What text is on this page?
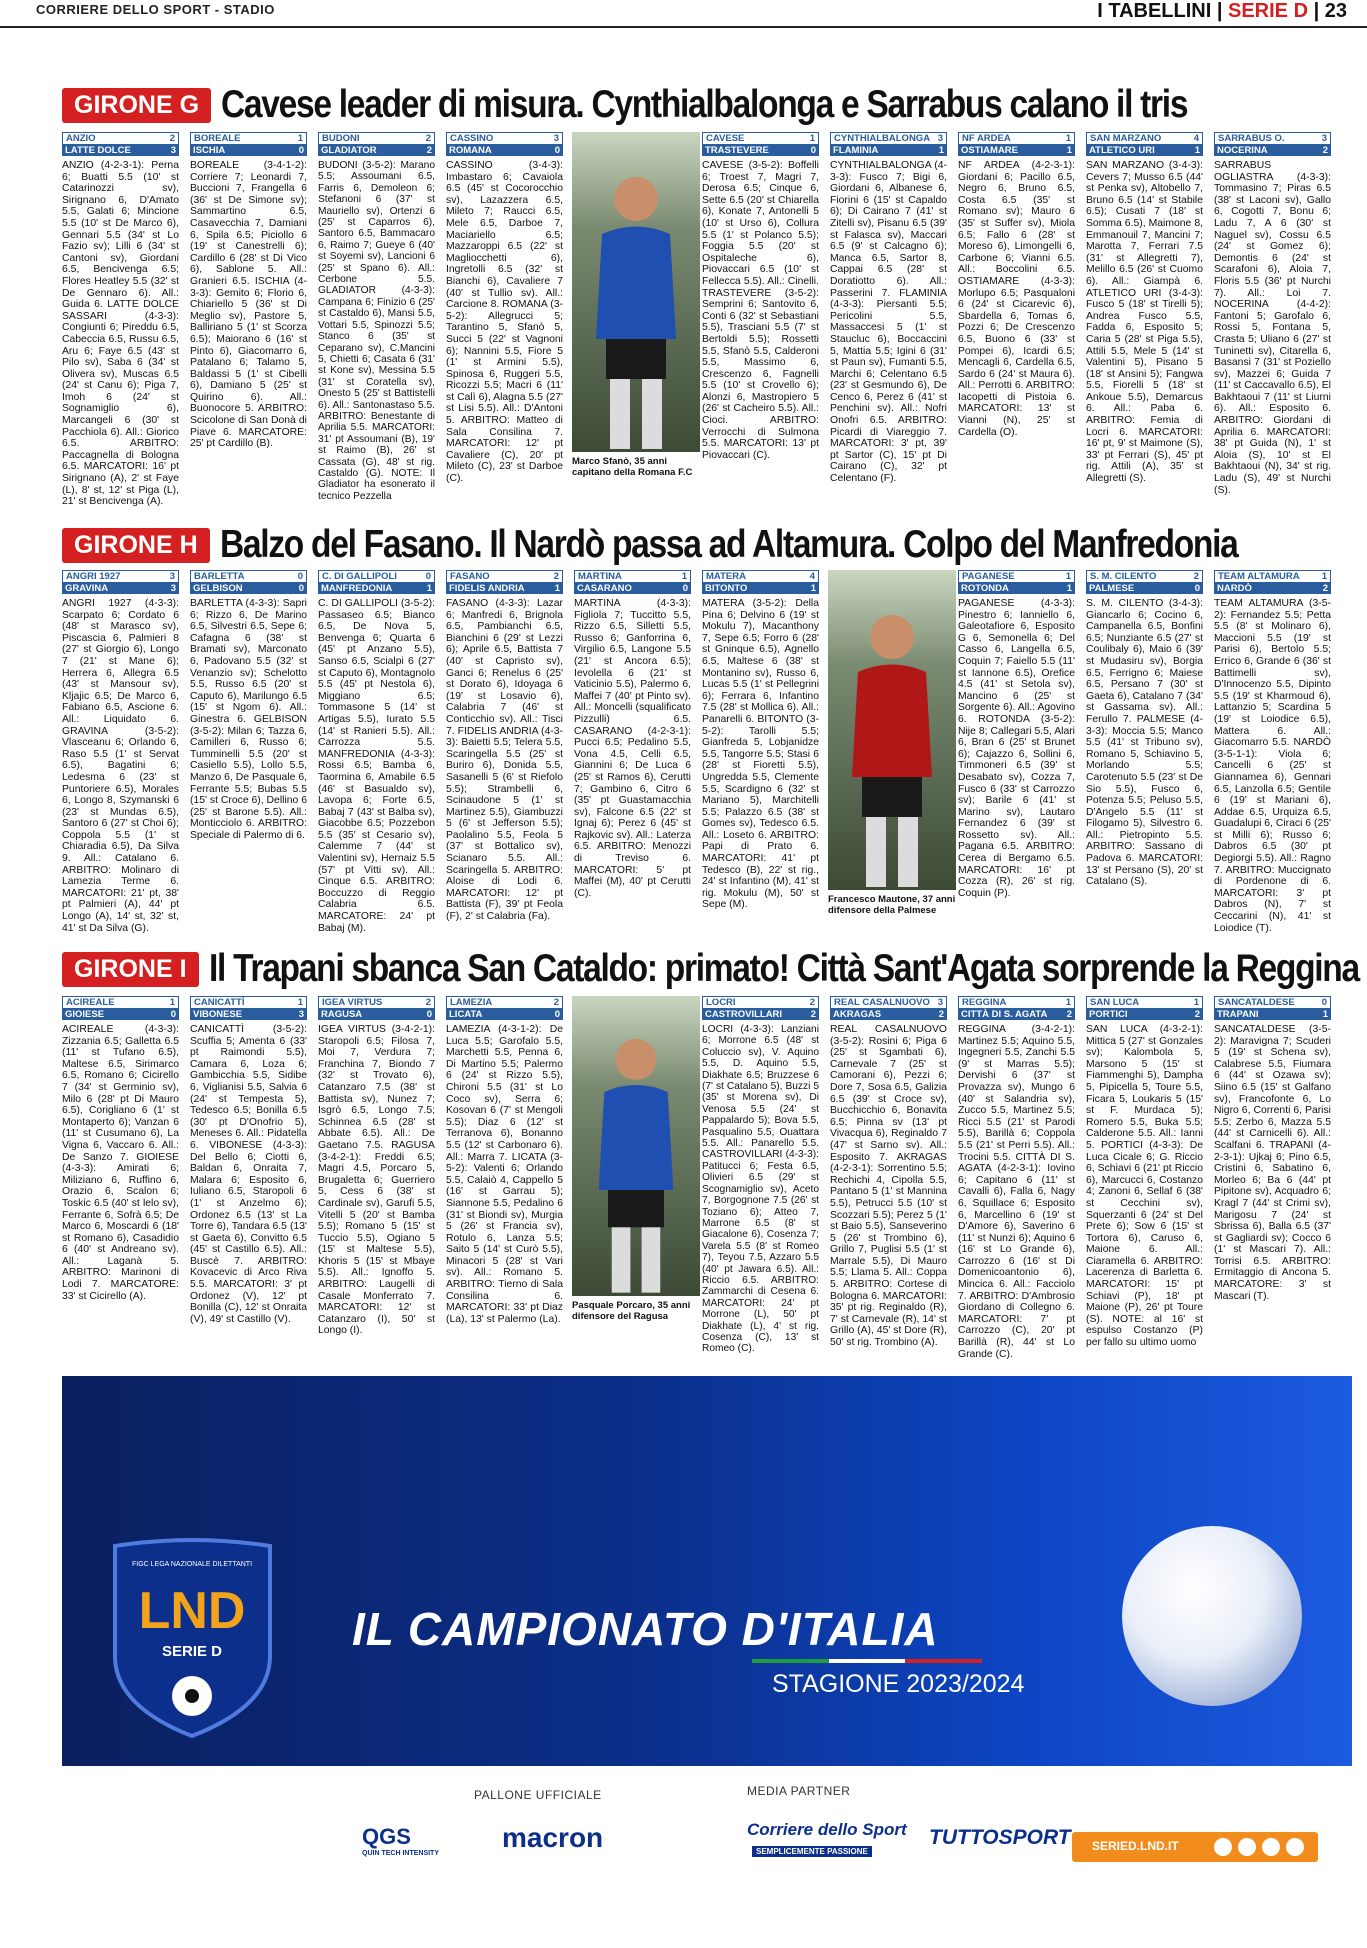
CORRIERE DELLO SPORT - STADIO	I TABELLINI | SERIE D | 23
GIRONE G Cavese leader di misura. Cynthialbalonga e Sarrabus calano il tris
ANZIO	2
LATTE DOLCE	3
ANZIO (4-2-3-1): Perna 6; Buatti 5.5 (10' st Catarinozzi sv), Sirignano 6, D'Amato 5.5, Galati 6; Mincione 5.5 (10' st De Marco 6), Gennari 5.5 (34' st Lo Fazio sv); Lilli 6 (34' st Cantoni sv), Giordani 6.5, Bencivenga 6.5; Flores Heatley 5.5 (32' st De Gennaro 6). All.: Guida 6. LATTE DOLCE SASSARI (4-3-3): Congiunti 6; Pireddu 6.5, Cabeccia 6.5, Russu 6.5, Aru 6; Faye 6.5 (43' st Pilo sv), Saba 6 (34' st Olivera sv), Muscas 6.5 (24' st Canu 6); Piga 7, Imoh 6 (24' st Sognamiglio 6), Marcangeli 6 (30' st Pacchiola 6). All.: Giorico 6.5. ARBITRO: Paccagnella di Bologna 6.5. MARCATORI: 16' pt Sirignano (A), 2' st Faye (L), 8' st, 12' st Piga (L), 21' st Bencivenga (A).
BOREALE	1
ISCHIA	0
BOREALE (3-4-1-2): Corriere 7; Leonardi 7, Buccioni 7, Frangella 6 (36' st De Simone sv); Sammartino 6.5, Casavecchia 7, Damiani 6, Spila 6.5; Piciollo 6 (19' st Canestrelli 6); Cardillo 6 (28' st Di Vico 6), Sablone 5. All.: Granieri 6.5. ISCHIA (4-3-3): Gemito 6; Florio 6, Chiariello 5 (36' st Di Meglio sv), Pastore 5, Balliriano 5 (1' st Scorza 6.5); Maiorano 6 (16' st Pinto 6), Giacomarro 6, Patalano 6; Talamo 5, Baldassi 5 (1' st Cibelli 6), Damiano 5 (25' st Quirino 6). All.: Buonocore 5. ARBITRO: Scicolone di San Donà di Piave 6. MARCATORE: 25' pt Cardillo (B).
BUDONI	2
GLADIATOR	2
BUDONI (3-5-2): Marano 5.5; Assoumani 6.5, Farris 6, Demoleon 6; Stefanoni 6 (37' st Mauriello sv), Ortenzi 6 (25' st Caparros 6), Santoro 6.5, Bammacaro 6, Raimo 7; Gueye 6 (40' st Soyemi sv), Lancioni 6 (25' st Spano 6). All.: Cerbone 5.5. GLADIATOR (4-3-3): Campana 6; Finizio 6 (25' st Castaldo 6), Mansi 5.5, Vottari 5.5, Spinozzi 5.5; Stanco 6 (35' st Ceparano sv), C.Mancini 5, Chietti 6; Casata 6 (31' st Kone sv), Messina 5.5 (31' st Coratella sv), Onesto 5 (25' st Battistelli 6). All.: Santonastaso 5.5. ARBITRO: Benestante di Aprilia 5.5. MARCATORI: 31' pt Assoumani (B), 19' st Raimo (B), 26' st Cassata (G), 48' st rig. Castaldo (G). NOTE: Il Gladiator ha esonerato il tecnico Pezzella
CASSINO	3
ROMANA	0
CASSINO (3-4-3): Imbastaro 6; Cavaiola 6.5 (45' st Cocorocchio sv), Lazazzera 6.5, Mileto 7; Raucci 6.5, Mele 6.5, Darboe 7, Maciariello 6.5; Mazzaroppi 6.5 (22' st Magliocchetti 6), Ingretolli 6.5 (32' st Bianchi 6), Cavaliere 7 (40' st Tullio sv). All.: Carcione 8. ROMANA (3-5-2): Allegrucci 5; Tarantino 5, Sfanò 5, Succi 5 (22' st Vagnoni 6); Nannini 5.5, Fiore 5 (1' st Armini 5.5), Spinosa 6, Ruggeri 5.5, Ricozzi 5.5; Macri 6 (11' st Calì 6), Alagna 5.5 (27' st Lisi 5.5). All.: D'Antoni 5. ARBITRO: Matteo di Sala Consilina 7. MARCATORI: 12' pt Cavaliere (C), 20' pt Mileto (C), 23' st Darboe (C).
Marco Sfanò, 35 anni capitano della Romana F.C
CAVESE	1
TRASTEVERE	0
CAVESE (3-5-2): Boffelli 6; Troest 7, Magri 7, Derosa 6.5; Cinque 6, Sette 6.5 (20' st Chiarella 6), Konate 7, Antonelli 5 (10' st Urso 6), Collura 5.5 (1' st Polanco 5.5); Foggia 5.5 (20' st Ospitaleche 6), Piovaccari 6.5 (10' st Fellecca 5.5). All.: Cinelli. TRASTEVERE (3-5-2): Semprini 6; Santovito 6, Conti 6 (32' st Sebastiani 5.5), Trasciani 5.5 (7' st Bertoldi 5.5); Rossetti 5.5, Sfanò 5.5, Calderoni 5.5, Massimo 6, Crescenzo 6, Fagnelli 5.5 (10' st Crovello 6); Alonzi 6, Mastropiero 5 (26' st Cacheiro 5.5). All.: Cioci. ARBITRO: Verrocchi di Sulmona 5.5. MARCATORI: 13' pt Piovaccari (C).
CYNTHIALBALONGA 3
FLAMINIA	1
CYNTHIALBALONGA (4-3-3): Fusco 7; Bigi 6, Giordani 6, Albanese 6, Fiorini 6 (15' st Capaldo 6); Di Cairano 7 (41' st Zitelli sv), Pisanu 6.5 (39' st Falasca sv), Maccari 6.5 (9' st Calcagno 6); Manca 6.5, Sartor 8, Cappai 6.5 (28' st Doratiotto 6). All.: Passerini 7. FLAMINIA (4-3-3): Piersanti 5.5; Pericolini 5.5, Massaccesi 5 (1' st Staucluc 6), Boccaccini 5, Mattia 5.5; Igini 6 (31' st Paun sv), Fumanti 5.5, Marchi 6; Celentano 6.5 (23' st Gesmundo 6), De Cenco 6, Perez 6 (41' st Penchini sv). All.: Nofri Onofri 6.5. ARBITRO: Picardi di Viareggio 7. MARCATORI: 3' pt, 39' pt Sartor (C), 15' pt Di Cairano (C), 32' pt Celentano (F).
NF ARDEA	1
OSTIAMARE	1
NF ARDEA (4-2-3-1): Giordani 6; Pacillo 6.5, Negro 6, Bruno 6.5, Costa 6.5 (35' st Romano sv); Mauro 6 (35' st Suffer sv), Miola 6.5; Fallo 6 (28' st Moreso 6), Limongelli 6, Carbone 6; Vianni 6.5. All.: Boccolini 6.5. OSTIAMARE (4-3-3): Morlupo 6.5; Pasqualoni 6 (24' st Cicarevic 6), Sbardella 6, Tomas 6, Pozzi 6; De Crescenzo 6.5, Buono 6 (33' st Pompei 6), Icardi 6.5; Mencagli 6, Cardella 6.5, Sardo 6 (24' st Maura 6). All.: Perrotti 6. ARBITRO: Iacopetti di Pistoia 6. MARCATORI: 13' st Vianni (N), 25' st Cardella (O).
SAN MARZANO	4
ATLETICO URI	1
SAN MARZANO (3-4-3): Cevers 7; Musso 6.5 (44' st Penka sv), Altobello 7, Bruno 6.5 (14' st Stabile 6.5); Cusati 7 (18' st Somma 6.5), Maimone 8, Emmanouil 7, Mancini 7; Marotta 7, Ferrari 7.5 (31' st Allegretti 7), Melillo 6.5 (26' st Cuomo 6). All.: Giampà 6. ATLETICO URI (3-4-3): Fusco 5 (18' st Tirelli 5); Andrea Fusco 5.5, Fadda 6, Esposito 5; Caria 5 (28' st Piga 5.5), Attili 5.5, Mele 5 (14' st Valentini 5), Pisano 5 (18' st Ansini 5); Fangwa 5.5, Fiorelli 5 (18' st Ankoue 5.5), Demarcus 6. All.: Paba 6. ARBITRO: Femia di Locri 6. MARCATORI: 16' pt, 9' st Maimone (S), 33' pt Ferrari (S), 45' pt rig. Attili (A), 35' st Allegretti (S).
SARRABUS O.	3
NOCERINA	2
SARRABUS OGLIASTRA (4-3-3): Tommasino 7; Piras 6.5 (38' st Laconi sv), Gallo 6, Cogotti 7, Bonu 6; Ladu 7, A 6 (30' st Naguel sv), Cossu 6.5 (24' st Gomez 6); Demontis 6 (24' st Scarafoni 6), Aloia 7, Floris 5.5 (36' pt Nurchi 7). All.: Loi 7. NOCERINA (4-4-2): Fantoni 5; Garofalo 6, Rossi 5, Fontana 5, Crasta 5; Uliano 6 (27' st Tuninetti sv), Citarella 6, Basansi 7 (31' st Poziello sv), Mazzei 6; Guida 7 (11' st Caccavallo 6.5), El Bakhtaoui 7 (11' st Liurni 6). All.: Esposito 6. ARBITRO: Giordani di Aprilia 6. MARCATORI: 38' pt Guida (N), 1' st Aloia (S), 10' st El Bakhtaoui (N), 34' st rig. Ladu (S), 49' st Nurchi (S).
GIRONE H Balzo del Fasano. Il Nardò passa ad Altamura. Colpo del Manfredonia
ANGRI 1927	3
GRAVINA	3
ANGRI 1927 (4-3-3): Scarpato 6; Cordato 6 (48' st Marasco sv), Piscascia 6, Palmieri 8 (27' st Giorgio 6), Longo 7 (21' st Mane 6); Herrera 6, Allegra 6.5 (43' st Mansour sv), Kljajic 6.5; De Marco 6, Fabiano 6.5, Ascione 6. All.: Liquidato 6. GRAVINA (3-5-2): Vlasceanu 6; Orlando 6, Raso 5.5 (1' st Servat 6.5), Bagatini 6; Ledesma 6 (23' st Puntoriere 6.5), Morales 6, Longo 8, Szymanski 6 (23' st Mundas 6.5), Santoro 6 (27' st Choi 6); Coppola 5.5 (1' st Chiaradia 6.5), Da Silva 9. All.: Catalano 6. ARBITRO: Molinaro di Lamezia Terme 6. MARCATORI: 21' pt, 38' pt Palmieri (A), 44' pt Longo (A), 14' st, 32' st, 41' st Da Silva (G).
BARLETTA	0
GELBISON	0
BARLETTA (4-3-3): Sapri 6; Rizzo 6, De Marino 6.5, Silvestri 6.5, Sepe 6; Cafagna 6 (38' st Bramati sv), Marconato 6, Padovano 5.5 (32' st Venanzio sv); Schelotto 5.5, Russo 6.5 (20' st Caputo 6), Marilungo 6.5 (15' st Ngom 6). All.: Ginestra 6. GELBISON (3-5-2): Milan 6; Tazza 6, Camilleri 6, Russo 6; Tumminelli 5.5 (20' st Casiello 5.5), Lollo 5.5, Manzo 6, De Pasquale 6, Ferrante 5.5; Bubas 5.5 (15' st Croce 6), Dellino 6 (25' st Barone 5.5). All.: Monticciolo 6. ARBITRO: Speciale di Palermo di 6.
C. DI GALLIPOLI	0
MANFREDONIA	1
C. DI GALLIPOLI (3-5-2): Passaseo 6.5; Bianco 6.5, De Nova 5, Benvenga 6; Quarta 6 (45' pt Anzano 5.5), Sanso 6.5, Scialpi 6 (27' st Caputo 6), Montagnolo 5.5 (45' pt Nestola 6), Miggiano 6.5; Tommasone 5 (14' st Artigas 5.5), Iurato 5.5 (14' st Ranieri 5.5). All.: Carrozza 5.5. MANFREDONIA (4-3-3): Rossi 6.5; Bamba 6, Taormina 6, Amabile 6.5 (46' st Basualdo sv), Lavopa 6; Forte 6.5, Babaj 7 (43' st Balba sv), Giacobbe 6.5; Pozzebon 5.5 (35' st Cesario sv), Calemme 7 (44' st Valentini sv), Hernaiz 5.5 (57' pt Vitti sv). All.: Cinque 6.5. ARBITRO: Boccuzzo di Reggio Calabria 6.5. MARCATORE: 24' pt Babaj (M).
FASANO	2
FIDELIS ANDRIA	1
FASANO (4-3-3): Lazar 6; Manfredi 6, Brignola 6.5, Pambianchi 6.5, Bianchini 6 (29' st Lezzi 6); Aprile 6.5, Battista 7 (40' st Capristo sv), Ganci 6; Renelus 6 (25' st Dorato 6), Idoyaga 6 (19' st Losavio 6), Calabria 7 (46' st Conticchio sv). All.: Tisci 7. FIDELIS ANDRIA (4-3-3): Baietti 5.5; Telera 5.5, Scaringella 5.5 (25' st Buriro 6), Donida 5.5, Sasanelli 5 (6' st Riefolo 5.5); Strambelli 6, Scinaudone 5 (1' st Martinez 5.5), Giambuzzi 5 (6' st Jefferson 5.5); Paolalino 5.5, Feola 5 (37' st Bottalico sv), Scianaro 5.5. All.: Scaringella 5. ARBITRO: Aloise di Lodi 6. MARCATORI: 12' pt Battista (F), 39' pt Feola (F), 2' st Calabria (Fa).
MARTINA	1
CASARANO	0
MARTINA (4-3-3): Figliola 7; Tuccitto 5.5, Rizzo 6.5, Silletti 5.5, Russo 6; Ganforrina 6, Virgilio 6.5, Langone 5.5 (21' st Ancora 6.5); Ievolella 6 (21' st Vaticinio 5.5), Palermo 6, Maffei 7 (40' pt Pinto sv). All.: Moncelli (squalificato Pizzulli) 6.5. CASARANO (4-2-3-1): Pucci 6.5; Pedalino 5.5, Vona 4.5, Celli 6.5, Giannini 6; De Luca 6 (25' st Ramos 6), Cerutti 7; Gambino 6, Citro 6 (35' pt Guastamacchia sv), Falcone 6.5 (22' st Ignaj 6); Perez 6 (45' st Rajkovic sv). All.: Laterza 6.5. ARBITRO: Menozzi di Treviso 6. MARCATORI: 5' pt Maffei (M), 40' pt Cerutti (C).
MATERA	4
BITONTO	1
MATERA (3-5-2): Della Pina 6; Delvino 6 (19' st Mokulu 7), Macanthony 7, Sepe 6.5; Forro 6 (28' st Gninque 6.5), Agnello 6.5, Maltese 6 (38' st Montanino sv), Russo 6, Lucas 5.5 (1' st Pellegrini 6); Ferrara 6, Infantino 7.5 (28' st Mollica 6). All.: Panarelli 6. BITONTO (3-5-2): Tarolli 5.5; Gianfreda 5, Lobjanidze 5.5, Tangorre 5.5; Stasi 6 (28' st Fioretti 5.5), Ungredda 5.5, Clemente 5.5, Scardigno 6 (32' st Mariano 5), Marchitelli 5.5; Palazzo 6.5 (38' st Gomes sv), Tedesco 6.5. All.: Loseto 6. ARBITRO: Papi di Prato 6. MARCATORI: 41' pt Tedesco (B), 22' st rig., 24' st Infantino (M), 41' st rig. Mokulu (M), 50' st Sepe (M).	Francesco Mautone, 37 anni difensore della Palmese
PAGANESE	1
ROTONDA	1
PAGANESE (4-3-3): Pinestro 6; Ianniello 6, Galeotafiore 6, Esposito G 6, Semonella 6; Del Casso 6, Langella 6.5, Coquin 7; Faiello 5.5 (11' st Iannone 6.5), Orefice 4.5 (41' st Setola sv), Mancino 6 (25' st Sorgente 6). All.: Agovino 6. ROTONDA (3-5-2): Nije 8; Callegari 5.5, Alari 6, Bran 6 (25' st Brunet 6); Cajazzo 6, Sollini 6, Timmoneri 6.5 (39' st Desabato sv), Cozza 7, Fusco 6 (33' st Carrozzo sv); Barile 6 (41' st Marino sv), Lautaro Fernandez 6 (39' st Rossetto sv). All.: Pagana 6.5. ARBITRO: Cerea di Bergamo 6.5. MARCATORI: 16' pt Cozza (R), 26' st rig. Coquin (P).
S. M. CILENTO	2
PALMESE	0
S. M. CILENTO (3-4-3): Giancarlo 6; Cocino 6, Campanella 6.5, Bonfini 6.5; Nunziante 6.5 (27' st Coulibaly 6), Maio 6 (39' st Mudasiru sv), Borgia 6.5, Ferrigno 6; Maiese 6.5, Persano 7 (30' st Gaeta 6), Catalano 7 (34' st Gassama sv). All.: Ferullo 7. PALMESE (4-3-3): Moccia 5.5; Manco 5.5 (41' st Tribuno sv), Romano 5, Schiavino 5, Morlando 5.5; Carotenuto 5.5 (23' st De Sio 5.5), Fusco 6, Potenza 5.5; Peluso 5.5, D'Angelo 5.5 (11' st Filogamo 5), Silvestro 6. All.: Pietropinto 5.5. ARBITRO: Sassano di Padova 6. MARCATORI: 13' st Persano (S), 20' st Catalano (S).
TEAM ALTAMURA 1
NARDÒ	2
TEAM ALTAMURA (3-5-2): Fernandez 5.5; Petta 5.5 (8' st Molinaro 6), Maccioni 5.5 (19' st Parisi 6), Bertolo 5.5; Errico 6, Grande 6 (36' st Battimelli sv), D'Innocenzo 5.5, Dipinto 5.5 (19' st Kharmoud 6), Lattanzio 5; Scardina 5 (19' st Loiodice 6.5), Mattera 6. All.: Giacomarro 5.5. NARDÒ (3-5-1-1): Viola 6; Cancelli 6 (25' st Giannamea 6), Gennari 6.5, Lanzolla 6.5; Gentile 6 (19' st Mariani 6), Addae 6.5, Urquiza 6.5, Guadalupi 6, Ciraci 6 (25' st Milli 6); Russo 6; Dabros 6.5 (30' pt Degiorgi 5.5). All.: Ragno 7. ARBITRO: Muccignato di Pordenone di 6. MARCATORI: 3' pt Dabros (N), 7' st Ceccarini (N), 41' st Loiodice (T).
GIRONE I Il Trapani sbanca San Cataldo: primato! Città Sant'Agata sorprende la Reggina
ACIREALE	1
GIOIESE	0
ACIREALE (4-3-3): Zizzania 6.5; Galletta 6.5 (11' st Tufano 6.5), Maltese 6.5, Sirimarco 6.5, Romano 6; Cicirello 7 (34' st Germinio sv), Milo 6 (28' pt Di Mauro 6.5), Corigliano 6 (1' st Montaperto 6); Vanzan 6 (11' st Cusumano 6), La Vigna 6, Vaccaro 6. All.: De Sanzo 7. GIOIESE (4-3-3): Amirati 6; Miliziano 6, Ruffino 6, Orazio 6, Scalon 6; Toskic 6.5 (40' st lelo sv), Ferrante 6, Sofrà 6.5; De Marco 6, Moscardi 6 (18' st Romano 6), Casadidio 6 (40' st Andreano sv). All.: Laganà 5. ARBITRO: Marinoni di Lodi 7. MARCATORE: 33' st Cicirello (A).
CANICATTÌ	1
VIBONESE	3
CANICATTÌ (3-5-2): Scuffia 5; Amenta 6 (33' pt Raimondi 5.5), Camara 6, Loza 6; Gambicchia 5.5, Sidibe 6, Viglianisi 5.5, Salvia 6 (24' st Tempesta 5), Tedesco 6.5; Bonilla 6.5 (30' pt D'Onofrio 5), Meneses 6. All.: Pidatella 6. VIBONESE (4-3-3): Del Bello 6; Ciotti 6, Baldan 6, Onraita 7, Malara 6; Esposito 6, Iuliano 6.5, Staropoli 6 (1' st Anzelmo 6); Ordonez 6.5 (13' st La Torre 6), Tandara 6.5 (13' st Gaeta 6), Convitto 6.5 (45' st Castillo 6.5). All.: Buscè 7. ARBITRO: Kovacevic di Arco Riva 5.5. MARCATORI: 3' pt Ordonez (V), 12' pt Bonilla (C), 12' st Onraita (V), 49' st Castillo (V).
IGEA VIRTUS	2
RAGUSA	0
IGEA VIRTUS (3-4-2-1): Staropoli 6.5; Filosa 7, Moi 7, Verdura 7; Franchina 7, Biondo 7 (32' st Trovato 6), Catanzaro 7.5 (38' st Battista sv), Nunez 7; Isgrò 6.5, Longo 7.5; Schinnea 6.5 (28' st Abbate 6.5). All.: De Gaetano 7.5. RAGUSA (3-4-2-1): Freddi 6.5; Magri 4.5, Porcaro 5, Brugaletta 6; Guerriero 5, Cess 6 (38' st Cardinale sv), Garufi 5.5, Vitelli 5 (20' st Bamba 5.5); Romano 5 (15' st Tuccio 5.5), Ogiano 5 (15' st Maltese 5.5), Khoris 5 (15' st Mbaye 5.5). All.: Ignoffo 5. ARBITRO: Laugelli di Casale Monferrato 7. MARCATORI: 12' st Catanzaro (I), 50' st Longo (I).
LAMEZIA	2
LICATA	0
LAMEZIA (4-3-1-2): De Luca 5.5; Garofalo 5.5, Marchetti 5.5, Penna 6, Di Martino 5.5; Palermo 6 (24' st Rizzo 5.5), Chironi 5.5 (31' st Lo Coco sv), Serra 6; Kosovan 6 (7' st Mengoli 5.5); Diaz 6 (12' st Terranova 6), Bonanno 5.5 (12' st Carbonaro 6). All.: Marra 7. LICATA (3-5-2): Valenti 6; Orlando 5.5, Calaiò 4, Cappello 5 (16' st Garrau 5); Siannone 5.5, Pedalino 6 (31' st Biondi sv), Murgia 5 (26' st Francia sv), Rotulo 6, Lanza 5.5; Saito 5 (14' st Curò 5.5), Minacori 5 (28' st Vari sv). All.: Romano 5. ARBITRO: Tierno di Sala Consilina 6. MARCATORI: 33' pt Diaz (La), 13' st Palermo (La).
Pasquale Porcaro, 35 anni difensore del Ragusa
LOCRI	2
CASTROVILLARI	2
LOCRI (4-3-3): Lanziani 6; Morrone 6.5 (48' st Coluccio sv), V. Aquino 5.5, D. Aquino 5.5, Diakhate 6.5; Bruzzese 6 (7' st Catalano 5), Buzzi 5 (35' st Morena sv), Di Venosa 5.5 (24' st Pappalardo 5); Bova 5.5, Pasqualino 5.5, Ouattara 5.5. All.: Panarello 5.5. CASTROVILLARI (4-3-3): Patitucci 6; Festa 6.5, Olivieri 6.5 (29' st Scognamiglio sv), Aceto 7, Borgognone 7.5 (26' st Toziano 6); Atteo 7, Marrone 6.5 (8' st Giacalone 6), Cosenza 7; Varela 5.5 (8' st Romeo 7), Teyou 7.5, Azzaro 5.5 (40' pt Jawara 6.5). All.: Riccio 6.5. ARBITRO: Zammarchi di Cesena 6. MARCATORI: 24' pt Morrone (L), 50' pt Diakhate (L), 4' st rig. Cosenza (C), 13' st Romeo (C).
REAL CASALNUOVO 3
AKRAGAS	2
REAL CASALNUOVO (3-5-2): Rosini 6; Piga 6 (25' st Sgambati 6), Carnevale 7 (25' st Camorani 6), Pezzi 6; Dore 7, Sosa 6.5, Galizia 6.5 (39' st Croce sv), Bucchicchio 6, Bonavita 6.5; Pinna sv (13' pt Vivacqua 6), Reginaldo 7 (47' st Sarno sv). All.: Esposito 7. AKRAGAS (4-2-3-1): Sorrentino 5.5; Rechichi 4, Cipolla 5.5, Pantano 5 (1' st Mannina 5.5), Petrucci 5.5 (10' st Scozzari 5.5); Perez 5 (1' st Baio 5.5), Sanseverino 5 (26' st Trombino 6), Grillo 7, Puglisi 5.5 (1' st Marrale 5.5), Di Mauro 5.5; Llama 5. All.: Coppa 5. ARBITRO: Cortese di Bologna 6. MARCATORI: 35' pt rig. Reginaldo (R), 7' st Carnevale (R), 14' st Grillo (A), 45' st Dore (R), 50' st rig. Trombino (A).
REGGINA	1
CITTÀ DI S. AGATA 2
REGGINA (3-4-2-1): Martinez 5.5; Aquino 5.5, Ingegneri 5.5, Zanchi 5.5 (9' st Marras 5.5); Dervishi 6 (37' st Provazza sv), Mungo 6 (40' st Salandria sv), Zucco 5.5, Martinez 5.5; Ricci 5.5 (21' st Parodi 5.5), Barillà 6; Coppola 5.5 (21' st Perri 5.5). All.: Trocini 5.5. CITTÀ DI S. AGATA (4-2-3-1): Iovino 6; Capitano 6 (11' st Cavalli 6), Falla 6, Nagy 6, Squillace 6; Esposito 6, Marcellino 6 (19' st D'Amore 6), Saverino 6 (11' st Nunzi 6); Aquino 6 (16' st Lo Grande 6), Carrozzo 6 (16' st Di Domenicoantonio 6), Mincica 6. All.: Facciolo 7. ARBITRO: D'Ambrosio Giordano di Collegno 6. MARCATORI: 7' pt Carrozzo (C), 20' pt Barillà (R), 44' st Lo Grande (C).
SAN LUCA	1
PORTICI	2
SAN LUCA (4-3-2-1): Mittica 5 (27' st Gonzales sv); Kalombola 5, Marsono 5 (15' st Fiammenghi 5), Dampha 5, Pipicella 5, Toure 5.5, Ficara 5, Loukaris 5 (15' st F. Murdaca 5); Romero 5.5, Buka 5.5; Calderone 5.5. All.: Ianni 5. PORTICI (4-3-3): De Luca Cicale 6; G. Riccio 6, Schiavi 6 (21' pt Riccio 6), Marcucci 6, Costanzo 4; Zanoni 6, Sellaf 6 (38' st Cecchini sv), Squerzanti 6 (24' st Del Prete 6); Sow 6 (15' st Tortora 6), Caruso 6, Maione 6. All.: Ciaramella 6. ARBITRO: Lacerenza di Barletta 6. MARCATORI: 15' pt Schiavi (P), 18' pt Maione (P), 26' pt Toure (S). NOTE: al 16' st espulso Costanzo (P) per fallo su ultimo uomo
SANCATALDESE	0
TRAPANI	1
SANCATALDESE (3-5-2): Maravigna 7; Scuderi 5 (19' st Schena sv), Calabrese 5.5, Fiumara 6 (44' st Ozawa sv); Siino 6.5 (15' st Galfano sv), Francofonte 6, Lo Nigro 6, Correnti 6, Parisi 5.5; Zerbo 6, Mazza 5.5 (44' st Carnicelli 6). All.: Scalfani 6. TRAPANI (4-2-3-1): Ujkaj 6; Pino 6.5, Cristini 6, Sabatino 6, Morleo 6; Ba 6 (44' pt Pipitone sv), Acquadro 6; Kragl 7 (44' st Crimi sv), Marigosu 7 (24' st Sbrissa 6), Balla 6.5 (37' st Gagliardi sv); Cocco 6 (1' st Mascari 7). All.: Torrisi 6.5. ARBITRO: Ermitaggio di Ancona 5. MARCATORE: 3' st Mascari (T).
FIGC LEGA NAZIONALE DILETTANTI
LND
SERIE D	IL CAMPIONATO D'ITALIA
STAGIONE 2023/2024
PALLONE UFFICIALE	MEDIA PARTNER
QGS
QUIN TECH INTENSITY
macron	Corriere dello Sport
SEMPLICEMENTE PASSIONE
TUTTOSPORT SERIED.LND.IT
